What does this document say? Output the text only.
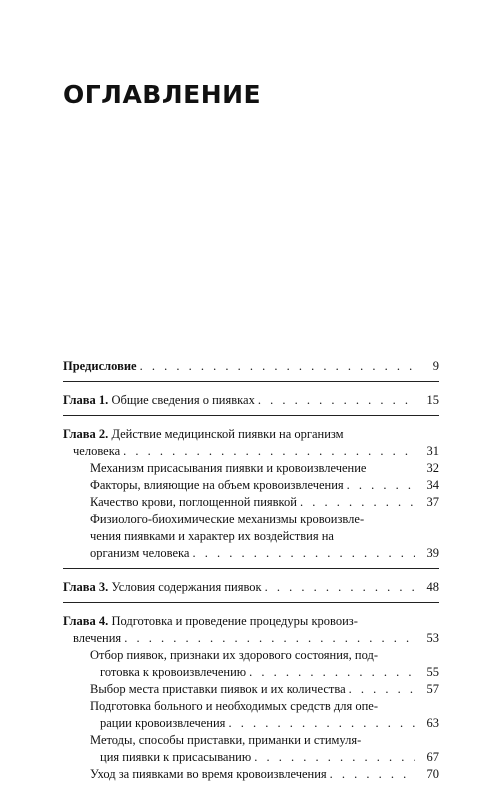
ОГЛАВЛЕНИЕ
Предисловие . . .	9
Глава 1. Общие сведения о пиявках . . .	15
Глава 2. Действие медицинской пиявки на организм
человека . . .	31
Механизм присасывания пиявки и кровоизвлечение	32
Факторы, влияющие на объем кровоизвлечения . . .	34
Качество крови, поглощенной пиявкой . . .	37
Физиолого-биохимические механизмы кровоизвле-
чения пиявками и характер их воздействия на
организм человека . . .	39
Глава 3. Условия содержания пиявок . . .	48
Глава 4. Подготовка и проведение процедуры кровоиз-
влечения . . .	53
Отбор пиявок, признаки их здорового состояния, под-
готовка к кровоизвлечению . . .	55
Выбор места приставки пиявок и их количества . . .	57
Подготовка больного и необходимых средств для опе-
рации кровоизвлечения . . .	63
Методы, способы приставки, приманки и стимуля-
ция пиявки к присасыванию . . .	67
Уход за пиявками во время кровоизвлечения . . .	70
